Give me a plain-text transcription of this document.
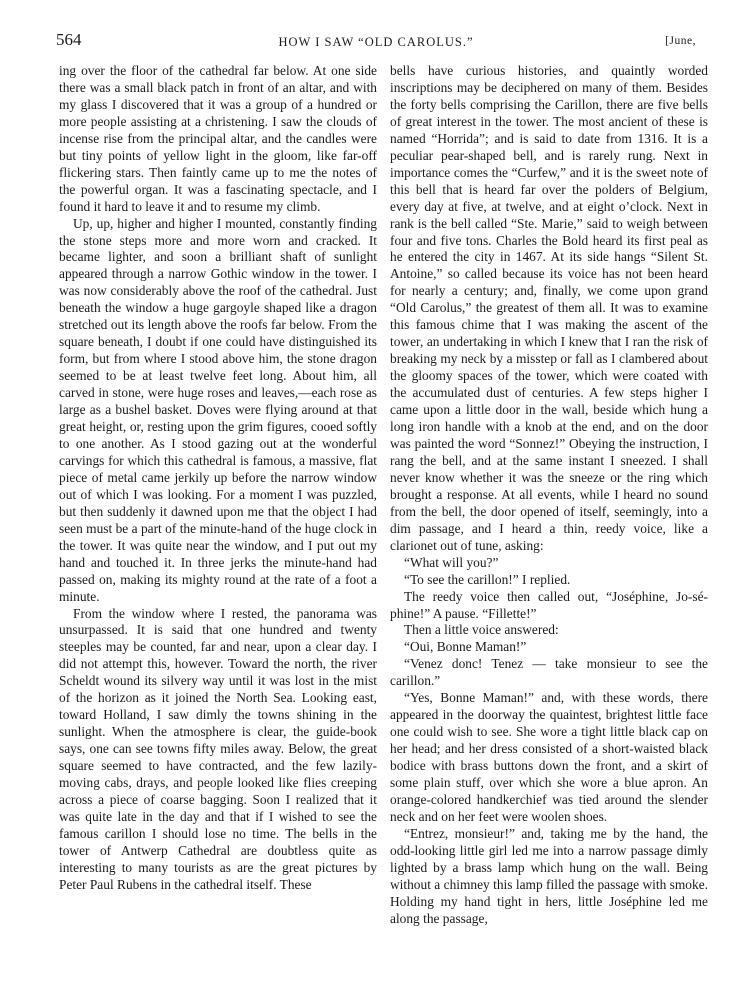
564	HOW I SAW “OLD CAROLUS.”	[June,

ing over the floor of the cathedral far below. At one side there was a small black patch in front of an altar, and with my glass I discovered that it was a group of a hundred or more people assisting at a christening. I saw the clouds of incense rise from the principal altar, and the candles were but tiny points of yellow light in the gloom, like far-off flickering stars. Then faintly came up to me the notes of the powerful organ. It was a fascinating spectacle, and I found it hard to leave it and to resume my climb.

Up, up, higher and higher I mounted, constantly finding the stone steps more and more worn and cracked. It became lighter, and soon a brilliant shaft of sunlight appeared through a narrow Gothic window in the tower. I was now considerably above the roof of the cathedral. Just beneath the window a huge gargoyle shaped like a dragon stretched out its length above the roofs far below. From the square beneath, I doubt if one could have distinguished its form, but from where I stood above him, the stone dragon seemed to be at least twelve feet long. About him, all carved in stone, were huge roses and leaves,—each rose as large as a bushel basket. Doves were flying around at that great height, or, resting upon the grim figures, cooed softly to one another. As I stood gazing out at the wonderful carvings for which this cathedral is famous, a massive, flat piece of metal came jerkily up before the narrow window out of which I was looking. For a moment I was puzzled, but then suddenly it dawned upon me that the object I had seen must be a part of the minute-hand of the huge clock in the tower. It was quite near the window, and I put out my hand and touched it. In three jerks the minute-hand had passed on, making its mighty round at the rate of a foot a minute.

From the window where I rested, the panorama was unsurpassed. It is said that one hundred and twenty steeples may be counted, far and near, upon a clear day. I did not attempt this, however. Toward the north, the river Scheldt wound its silvery way until it was lost in the mist of the horizon as it joined the North Sea. Looking east, toward Holland, I saw dimly the towns shining in the sunlight. When the atmosphere is clear, the guide-book says, one can see towns fifty miles away. Below, the great square seemed to have contracted, and the few lazily-moving cabs, drays, and people looked like flies creeping across a piece of coarse bagging. Soon I realized that it was quite late in the day and that if I wished to see the famous carillon I should lose no time. The bells in the tower of Antwerp Cathedral are doubtless quite as interesting to many tourists as are the great pictures by Peter Paul Rubens in the cathedral itself. These

bells have curious histories, and quaintly worded inscriptions may be deciphered on many of them. Besides the forty bells comprising the Carillon, there are five bells of great interest in the tower. The most ancient of these is named “Horrida”; and is said to date from 1316. It is a peculiar pear-shaped bell, and is rarely rung. Next in importance comes the “Curfew,” and it is the sweet note of this bell that is heard far over the polders of Belgium, every day at five, at twelve, and at eight o’clock. Next in rank is the bell called “Ste. Marie,” said to weigh between four and five tons. Charles the Bold heard its first peal as he entered the city in 1467. At its side hangs “Silent St. Antoine,” so called because its voice has not been heard for nearly a century; and, finally, we come upon grand “Old Carolus,” the greatest of them all. It was to examine this famous chime that I was making the ascent of the tower, an undertaking in which I knew that I ran the risk of breaking my neck by a misstep or fall as I clambered about the gloomy spaces of the tower, which were coated with the accumulated dust of centuries. A few steps higher I came upon a little door in the wall, beside which hung a long iron handle with a knob at the end, and on the door was painted the word “Sonnez!” Obeying the instruction, I rang the bell, and at the same instant I sneezed. I shall never know whether it was the sneeze or the ring which brought a response. At all events, while I heard no sound from the bell, the door opened of itself, seemingly, into a dim passage, and I heard a thin, reedy voice, like a clarionet out of tune, asking:

“What will you?”

“To see the carillon!” I replied.

The reedy voice then called out, “Joséphine, Jo-sé-phine!” A pause. “Fillette!”

Then a little voice answered:

“Oui, Bonne Maman!”

“Venez donc! Tenez — take monsieur to see the carillon.”

“Yes, Bonne Maman!” and, with these words, there appeared in the doorway the quaintest, brightest little face one could wish to see. She wore a tight little black cap on her head; and her dress consisted of a short-waisted black bodice with brass buttons down the front, and a skirt of some plain stuff, over which she wore a blue apron. An orange-colored handkerchief was tied around the slender neck and on her feet were woolen shoes.

“Entrez, monsieur!” and, taking me by the hand, the odd-looking little girl led me into a narrow passage dimly lighted by a brass lamp which hung on the wall. Being without a chimney this lamp filled the passage with smoke. Holding my hand tight in hers, little Joséphine led me along the passage,
